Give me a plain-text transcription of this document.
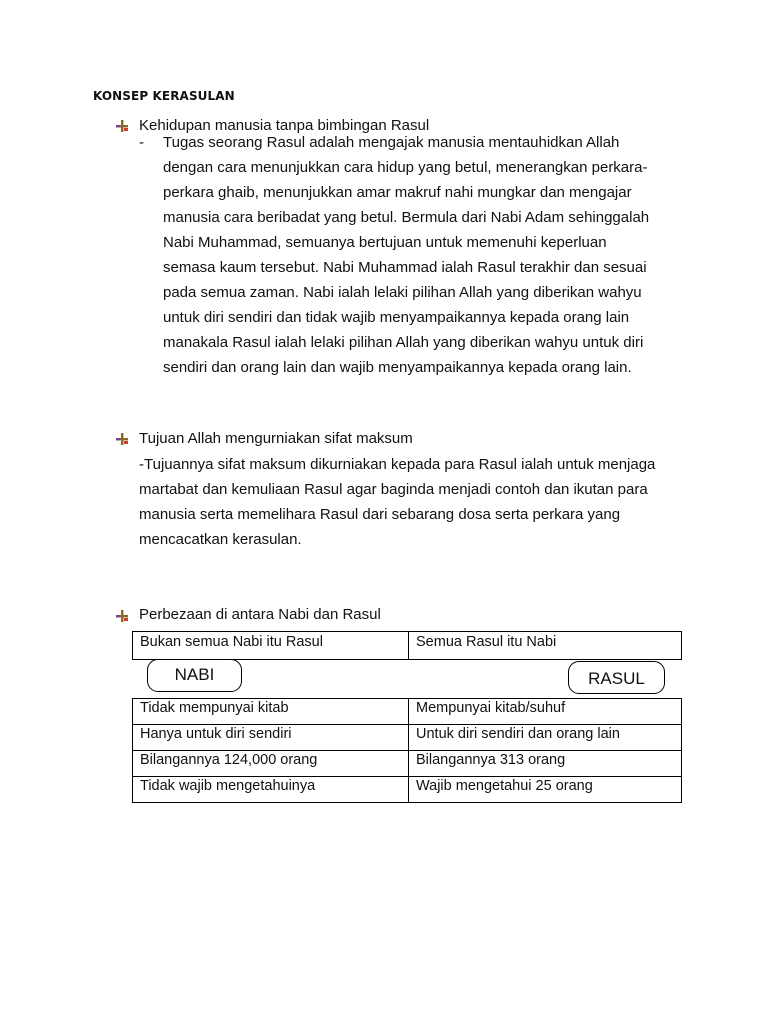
KONSEP KERASULAN
Kehidupan manusia tanpa bimbingan Rasul
- Tugas seorang Rasul adalah mengajak manusia mentauhidkan Allah
dengan cara menunjukkan cara hidup yang betul, menerangkan perkara-
perkara ghaib, menunjukkan amar makruf nahi mungkar dan mengajar
manusia cara beribadat yang betul. Bermula dari Nabi Adam sehinggalah
Nabi Muhammad, semuanya bertujuan untuk memenuhi keperluan
semasa kaum tersebut. Nabi Muhammad ialah Rasul terakhir dan sesuai
pada semua zaman. Nabi ialah lelaki pilihan Allah yang diberikan wahyu
untuk diri sendiri dan tidak wajib menyampaikannya kepada orang lain
manakala Rasul ialah lelaki pilihan Allah yang diberikan wahyu untuk diri
sendiri dan orang lain dan wajib menyampaikannya kepada orang lain.
Tujuan Allah mengurniakan sifat maksum
-Tujuannya sifat maksum dikurniakan kepada para Rasul ialah untuk menjaga
martabat dan kemuliaan Rasul agar baginda menjadi contoh dan ikutan para
manusia serta memelihara Rasul dari sebarang dosa serta perkara yang
mencacatkan kerasulan.
Perbezaan di antara Nabi dan Rasul
Bukan semua Nabi itu Rasul	Semua Rasul itu Nabi
NABI	RASUL
Tidak mempunyai kitab	Mempunyai kitab/suhuf
Hanya untuk diri sendiri	Untuk diri sendiri dan orang lain
Bilangannya 124,000 orang	Bilangannya 313 orang
Tidak wajib mengetahuinya	Wajib mengetahui 25 orang
